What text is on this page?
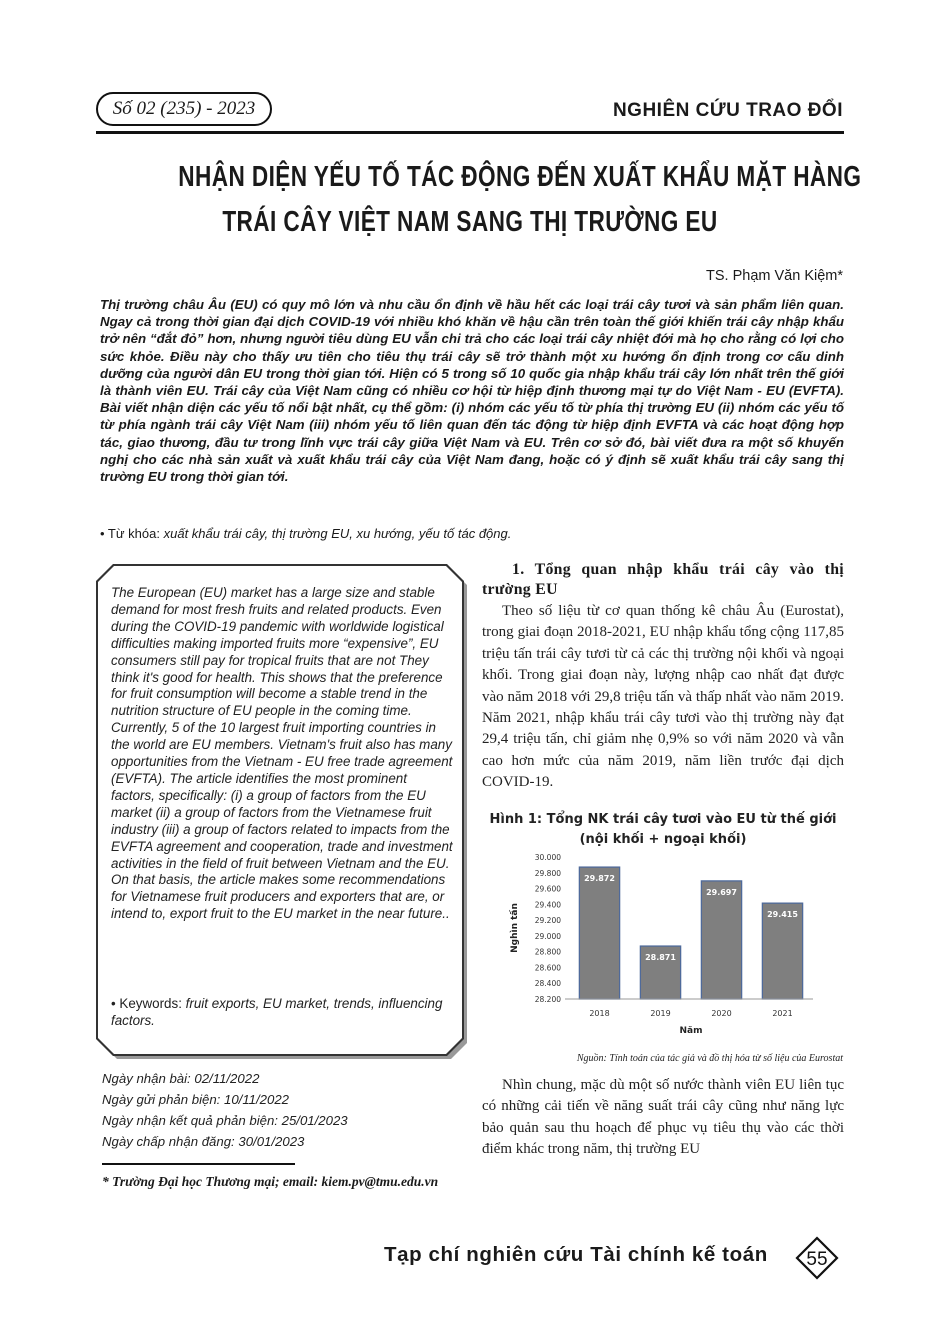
Số 02 (235) - 2023	NGHIÊN CỨU TRAO ĐỔI
NHẬN DIỆN YẾU TỐ TÁC ĐỘNG ĐẾN XUẤT KHẨU MẶT HÀNG
TRÁI CÂY VIỆT NAM SANG THỊ TRƯỜNG EU
TS. Phạm Văn Kiệm*
Thị trường châu Âu (EU) có quy mô lớn và nhu cầu ổn định về hầu hết các loại trái cây tươi và sản phẩm liên quan. Ngay cả trong thời gian đại dịch COVID-19 với nhiều khó khăn về hậu cần trên toàn thế giới khiến trái cây nhập khẩu trở nên “đắt đỏ” hơn, nhưng người tiêu dùng EU vẫn chi trả cho các loại trái cây nhiệt đới mà họ cho rằng có lợi cho sức khỏe. Điều này cho thấy ưu tiên cho tiêu thụ trái cây sẽ trở thành một xu hướng ổn định trong cơ cấu dinh dưỡng của người dân EU trong thời gian tới. Hiện có 5 trong số 10 quốc gia nhập khẩu trái cây lớn nhất trên thế giới là thành viên EU. Trái cây của Việt Nam cũng có nhiều cơ hội từ hiệp định thương mại tự do Việt Nam - EU (EVFTA). Bài viết nhận diện các yếu tố nổi bật nhất, cụ thể gồm: (i) nhóm các yếu tố từ phía thị trường EU (ii) nhóm các yếu tố từ phía ngành trái cây Việt Nam (iii) nhóm yếu tố liên quan đến tác động từ hiệp định EVFTA và các hoạt động hợp tác, giao thương, đầu tư trong lĩnh vực trái cây giữa Việt Nam và EU. Trên cơ sở đó, bài viết đưa ra một số khuyến nghị cho các nhà sản xuất và xuất khẩu trái cây của Việt Nam đang, hoặc có ý định sẽ xuất khẩu trái cây sang thị trường EU trong thời gian tới.
• Từ khóa: xuất khẩu trái cây, thị trường EU, xu hướng, yếu tố tác động.
The European (EU) market has a large size and stable demand for most fresh fruits and related products. Even during the COVID-19 pandemic with worldwide logistical difficulties making imported fruits more “expensive”, EU consumers still pay for tropical fruits that are not They think it's good for health. This shows that the preference for fruit consumption will become a stable trend in the nutrition structure of EU people in the coming time. Currently, 5 of the 10 largest fruit importing countries in the world are EU members. Vietnam's fruit also has many opportunities from the Vietnam - EU free trade agreement (EVFTA). The article identifies the most prominent factors, specifically: (i) a group of factors from the EU market (ii) a group of factors from the Vietnamese fruit industry (iii) a group of factors related to impacts from the EVFTA agreement and cooperation, trade and investment activities in the field of fruit between Vietnam and the EU. On that basis, the article makes some recommendations for Vietnamese fruit producers and exporters that are, or intend to, export fruit to the EU market in the near future..
• Keywords: fruit exports, EU market, trends, influencing factors.
Ngày nhận bài: 02/11/2022
Ngày gửi phản biện: 10/11/2022
Ngày nhận kết quả phản biện: 25/01/2023
Ngày chấp nhận đăng: 30/01/2023
* Trường Đại học Thương mại; email: kiem.pv@tmu.edu.vn
1. Tổng quan nhập khẩu trái cây vào thị trường EU
Theo số liệu từ cơ quan thống kê châu Âu (Eurostat), trong giai đoạn 2018-2021, EU nhập khẩu tổng cộng 117,85 triệu tấn trái cây tươi từ cả các thị trường nội khối và ngoại khối. Trong giai đoạn này, lượng nhập cao nhất đạt được vào năm 2018 với 29,8 triệu tấn và thấp nhất vào năm 2019. Năm 2021, nhập khẩu trái cây tươi vào thị trường này đạt 29,4 triệu tấn, chỉ giảm nhẹ 0,9% so với năm 2020 và vẫn cao hơn mức của năm 2019, năm liền trước đại dịch COVID-19.
Hình 1: Tổng NK trái cây tươi vào EU từ thế giới
(nội khối + ngoại khối)
28.200
28.400
28.600
28.800
29.000
29.200
29.400
29.600
29.800
30.000
29.872
28.871
29.697
29.415
2018	2019	2020	2021
Nghìn tấn
Năm
Nguồn: Tính toán của tác giả và đồ thị hóa từ số liệu của Eurostat
Nhìn chung, mặc dù một số nước thành viên EU liên tục có những cải tiến về năng suất trái cây cũng như năng lực bảo quản sau thu hoạch để phục vụ tiêu thụ vào các thời điểm khác trong năm, thị trường EU
Tạp chí nghiên cứu Tài chính kế toán 55
